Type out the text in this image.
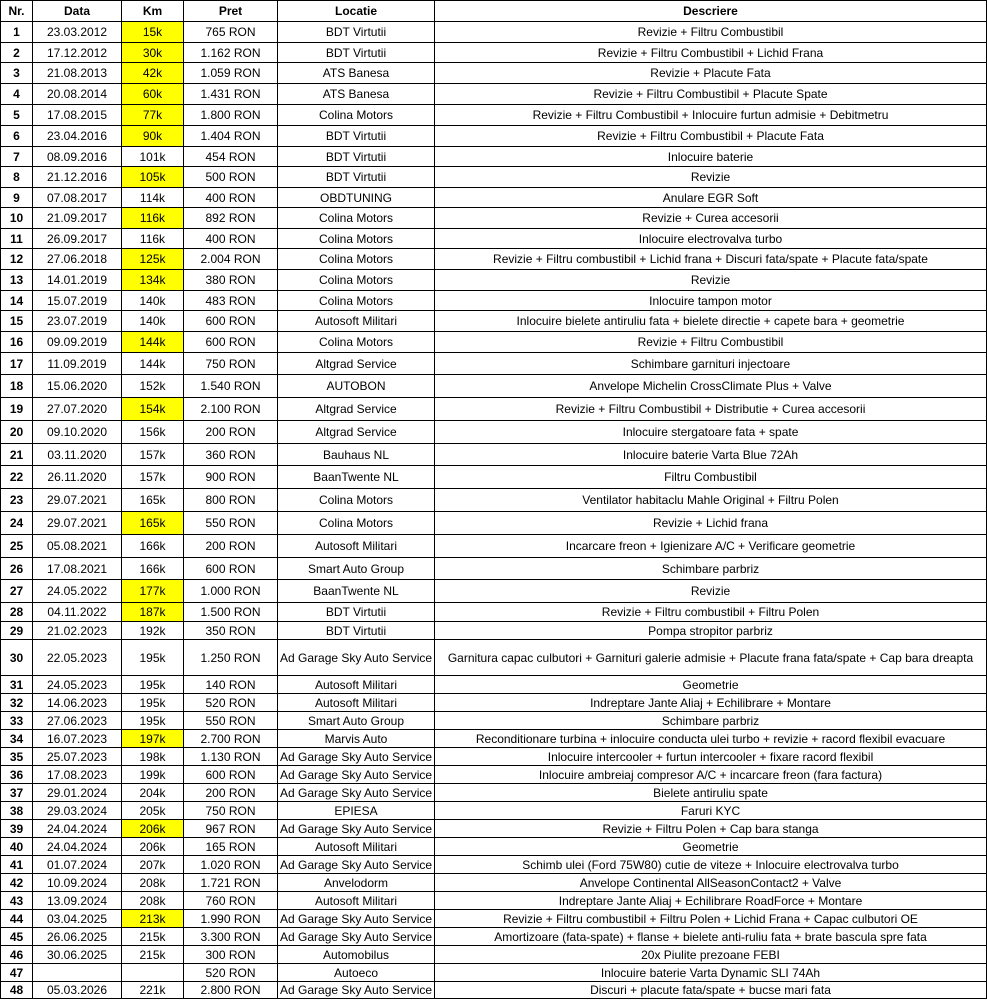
Nr.	Data	Km	Pret	Locatie	Descriere
1	23.03.2012	15k	765 RON	BDT Virtutii	Revizie + Filtru Combustibil
2	17.12.2012	30k	1.162 RON	BDT Virtutii	Revizie + Filtru Combustibil + Lichid Frana
3	21.08.2013	42k	1.059 RON	ATS Banesa	Revizie + Placute Fata
4	20.08.2014	60k	1.431 RON	ATS Banesa	Revizie + Filtru Combustibil + Placute Spate
5	17.08.2015	77k	1.800 RON	Colina Motors	Revizie + Filtru Combustibil + Inlocuire furtun admisie + Debitmetru
6	23.04.2016	90k	1.404 RON	BDT Virtutii	Revizie + Filtru Combustibil + Placute Fata
7	08.09.2016	101k	454 RON	BDT Virtutii	Inlocuire baterie
8	21.12.2016	105k	500 RON	BDT Virtutii	Revizie
9	07.08.2017	114k	400 RON	OBDTUNING	Anulare EGR Soft
10	21.09.2017	116k	892 RON	Colina Motors	Revizie + Curea accesorii
11	26.09.2017	116k	400 RON	Colina Motors	Inlocuire electrovalva turbo
12	27.06.2018	125k	2.004 RON	Colina Motors	Revizie + Filtru combustibil + Lichid frana + Discuri fata/spate + Placute fata/spate
13	14.01.2019	134k	380 RON	Colina Motors	Revizie
14	15.07.2019	140k	483 RON	Colina Motors	Inlocuire tampon motor
15	23.07.2019	140k	600 RON	Autosoft Militari	Inlocuire bielete antiruliu fata + bielete directie + capete bara + geometrie
16	09.09.2019	144k	600 RON	Colina Motors	Revizie + Filtru Combustibil
17	11.09.2019	144k	750 RON	Altgrad Service	Schimbare garnituri injectoare
18	15.06.2020	152k	1.540 RON	AUTOBON	Anvelope Michelin CrossClimate Plus + Valve
19	27.07.2020	154k	2.100 RON	Altgrad Service	Revizie + Filtru Combustibil + Distributie + Curea accesorii
20	09.10.2020	156k	200 RON	Altgrad Service	Inlocuire stergatoare fata + spate
21	03.11.2020	157k	360 RON	Bauhaus NL	Inlocuire baterie Varta Blue 72Ah
22	26.11.2020	157k	900 RON	BaanTwente NL	Filtru Combustibil
23	29.07.2021	165k	800 RON	Colina Motors	Ventilator habitaclu Mahle Original + Filtru Polen
24	29.07.2021	165k	550 RON	Colina Motors	Revizie + Lichid frana
25	05.08.2021	166k	200 RON	Autosoft Militari	Incarcare freon + Igienizare A/C + Verificare geometrie
26	17.08.2021	166k	600 RON	Smart Auto Group	Schimbare parbriz
27	24.05.2022	177k	1.000 RON	BaanTwente NL	Revizie
28	04.11.2022	187k	1.500 RON	BDT Virtutii	Revizie + Filtru combustibil + Filtru Polen
29	21.02.2023	192k	350 RON	BDT Virtutii	Pompa stropitor parbriz
30	22.05.2023	195k	1.250 RON	Ad Garage Sky Auto Service	Garnitura capac culbutori + Garnituri galerie admisie + Placute frana fata/spate + Cap bara dreapta
31	24.05.2023	195k	140 RON	Autosoft Militari	Geometrie
32	14.06.2023	195k	520 RON	Autosoft Militari	Indreptare Jante Aliaj + Echilibrare + Montare
33	27.06.2023	195k	550 RON	Smart Auto Group	Schimbare parbriz
34	16.07.2023	197k	2.700 RON	Marvis Auto	Reconditionare turbina + inlocuire conducta ulei turbo + revizie + racord flexibil evacuare
35	25.07.2023	198k	1.130 RON	Ad Garage Sky Auto Service	Inlocuire intercooler + furtun intercooler + fixare racord flexibil
36	17.08.2023	199k	600 RON	Ad Garage Sky Auto Service	Inlocuire ambreiaj compresor A/C + incarcare freon (fara factura)
37	29.01.2024	204k	200 RON	Ad Garage Sky Auto Service	Bielete antiruliu spate
38	29.03.2024	205k	750 RON	EPIESA	Faruri KYC
39	24.04.2024	206k	967 RON	Ad Garage Sky Auto Service	Revizie + Filtru Polen + Cap bara stanga
40	24.04.2024	206k	165 RON	Autosoft Militari	Geometrie
41	01.07.2024	207k	1.020 RON	Ad Garage Sky Auto Service	Schimb ulei (Ford 75W80) cutie de viteze + Inlocuire electrovalva turbo
42	10.09.2024	208k	1.721 RON	Anvelodorm	Anvelope Continental AllSeasonContact2 + Valve
43	13.09.2024	208k	760 RON	Autosoft Militari	Indreptare Jante Aliaj + Echilibrare RoadForce + Montare
44	03.04.2025	213k	1.990 RON	Ad Garage Sky Auto Service	Revizie + Filtru combustibil + Filtru Polen + Lichid Frana + Capac culbutori OE
45	26.06.2025	215k	3.300 RON	Ad Garage Sky Auto Service	Amortizoare (fata-spate) + flanse + bielete anti-ruliu fata + brate bascula spre fata
46	30.06.2025	215k	300 RON	Automobilus	20x Piulite prezoane FEBI
47			520 RON	Autoeco	Inlocuire baterie Varta Dynamic SLI 74Ah
48	05.03.2026	221k	2.800 RON	Ad Garage Sky Auto Service	Discuri + placute fata/spate + bucse mari fata
